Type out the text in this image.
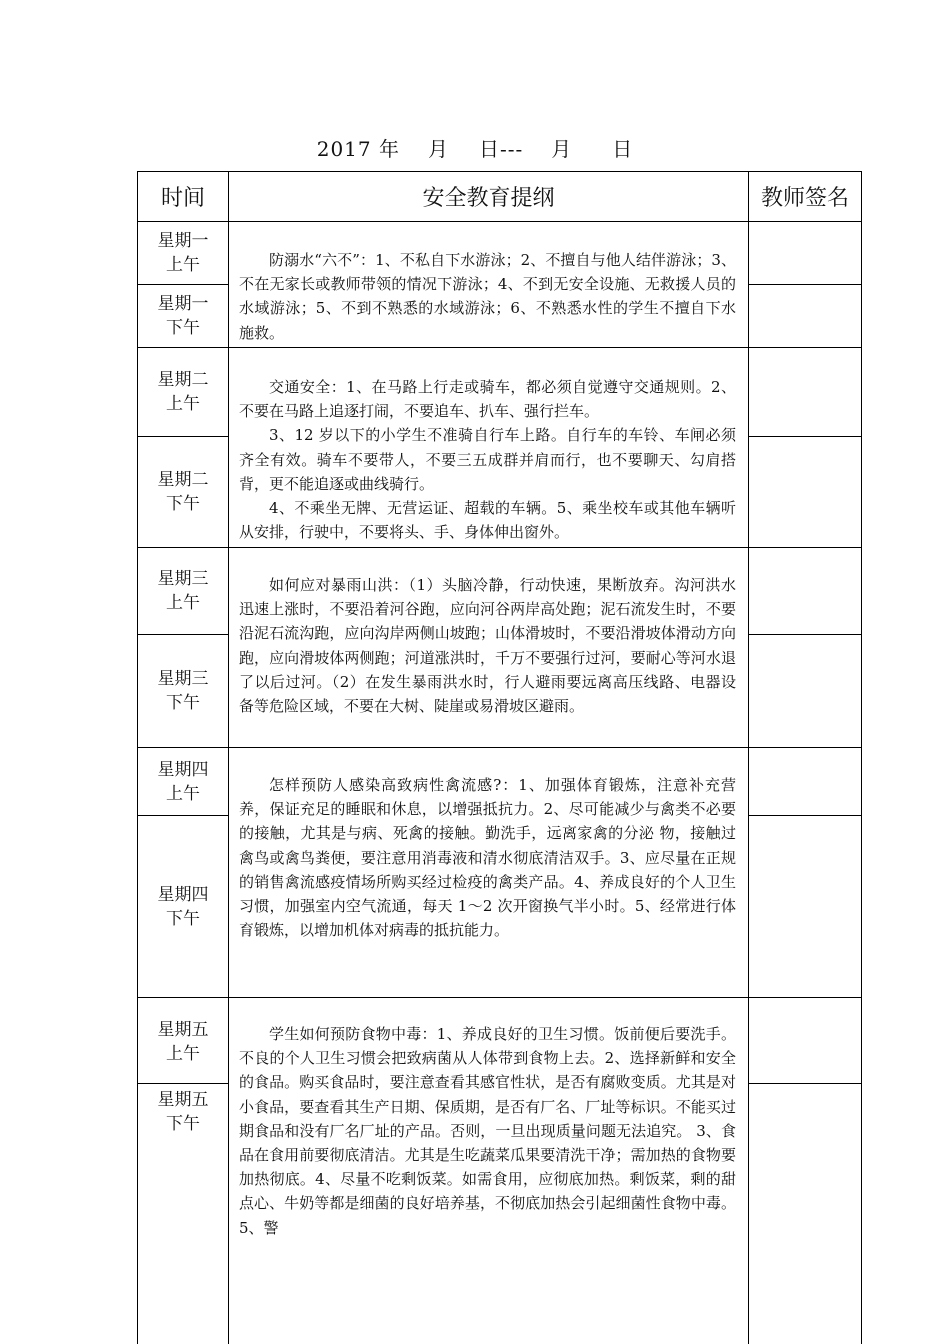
2017 年 月 日--- 月 日
时间	安全教育提纲	教师签名
星期一
上午
星期一
下午

防溺水“六不”：1、不私自下水游泳；2、不擅自与他人结伴游泳；3、不在无家长或教师带领的情况下游泳；4、不到无安全设施、无救援人员的水域游泳；5、不到不熟悉的水域游泳；6、不熟悉水性的学生不擅自下水施救。

星期二
上午
星期二
下午

交通安全：1、在马路上行走或骑车，都必须自觉遵守交通规则。2、不要在马路上追逐打闹，不要追车、扒车、强行拦车。

3、12 岁以下的小学生不准骑自行车上路。自行车的车铃、车闸必须齐全有效。骑车不要带人，不要三五成群并肩而行，也不要聊天、勾肩搭背，更不能追逐或曲线骑行。

4、不乘坐无牌、无营运证、超载的车辆。5、乘坐校车或其他车辆听从安排，行驶中，不要将头、手、身体伸出窗外。

星期三
上午
星期三
下午

如何应对暴雨山洪：（1）头脑冷静，行动快速，果断放弃。沟河洪水迅速上涨时，不要沿着河谷跑，应向河谷两岸高处跑；泥石流发生时，不要沿泥石流沟跑，应向沟岸两侧山坡跑；山体滑坡时，不要沿滑坡体滑动方向跑，应向滑坡体两侧跑；河道涨洪时，千万不要强行过河，要耐心等河水退了以后过河。（2）在发生暴雨洪水时，行人避雨要远离高压线路、电器设备等危险区域，不要在大树、陡崖或易滑坡区避雨。

星期四
上午
星期四
下午

怎样预防人感染高致病性禽流感?：1、加强体育锻炼，注意补充营养，保证充足的睡眠和休息，以增强抵抗力。2、尽可能减少与禽类不必要的接触，尤其是与病、死禽的接触。勤洗手，远离家禽的分泌 物，接触过禽鸟或禽鸟粪便，要注意用消毒液和清水彻底清洁双手。3、应尽量在正规的销售禽流感疫情场所购买经过检疫的禽类产品。4、养成良好的个人卫生习惯，加强室内空气流通，每天 1～2 次开窗换气半小时。5、经常进行体育锻炼，以增加机体对病毒的抵抗能力。

星期五
上午
星期五
下午

学生如何预防食物中毒：1、养成良好的卫生习惯。饭前便后要洗手。不良的个人卫生习惯会把致病菌从人体带到食物上去。2、选择新鲜和安全的食品。购买食品时，要注意查看其感官性状，是否有腐败变质。尤其是对小食品，要查看其生产日期、保质期，是否有厂名、厂址等标识。不能买过期食品和没有厂名厂址的产品。否则，一旦出现质量问题无法追究。 3、食品在食用前要彻底清洁。尤其是生吃蔬菜瓜果要清洗干净；需加热的食物要加热彻底。4、尽量不吃剩饭菜。如需食用，应彻底加热。剩饭菜，剩的甜点心、牛奶等都是细菌的良好培养基，不彻底加热会引起细菌性食物中毒。5、警
